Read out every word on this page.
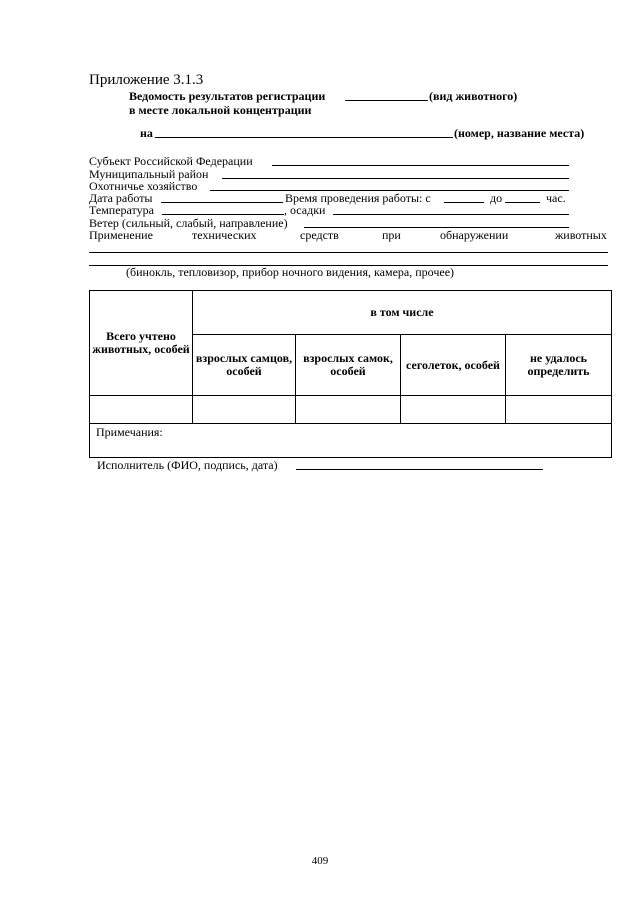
Приложение 3.1.3
Ведомость результатов регистрации	(вид животного)
в месте локальной концентрации
на	(номер, название места)
Субъект Российской Федерации
Муниципальный район
Охотничье хозяйство
Дата работы	Время проведения работы: с	до	час.
Температура	, осадки
Ветер (сильный, слабый, направление)
Применение	технических	средств	при	обнаружении	животных
(бинокль, тепловизор, прибор ночного видения, камера, прочее)
Всего учтено животных, особей	в том числе			
	взрослых самцов, особей	взрослых самок, особей	сеголеток, особей	не удалось определить

Примечания:				
Исполнитель (ФИО, подпись, дата)
409
